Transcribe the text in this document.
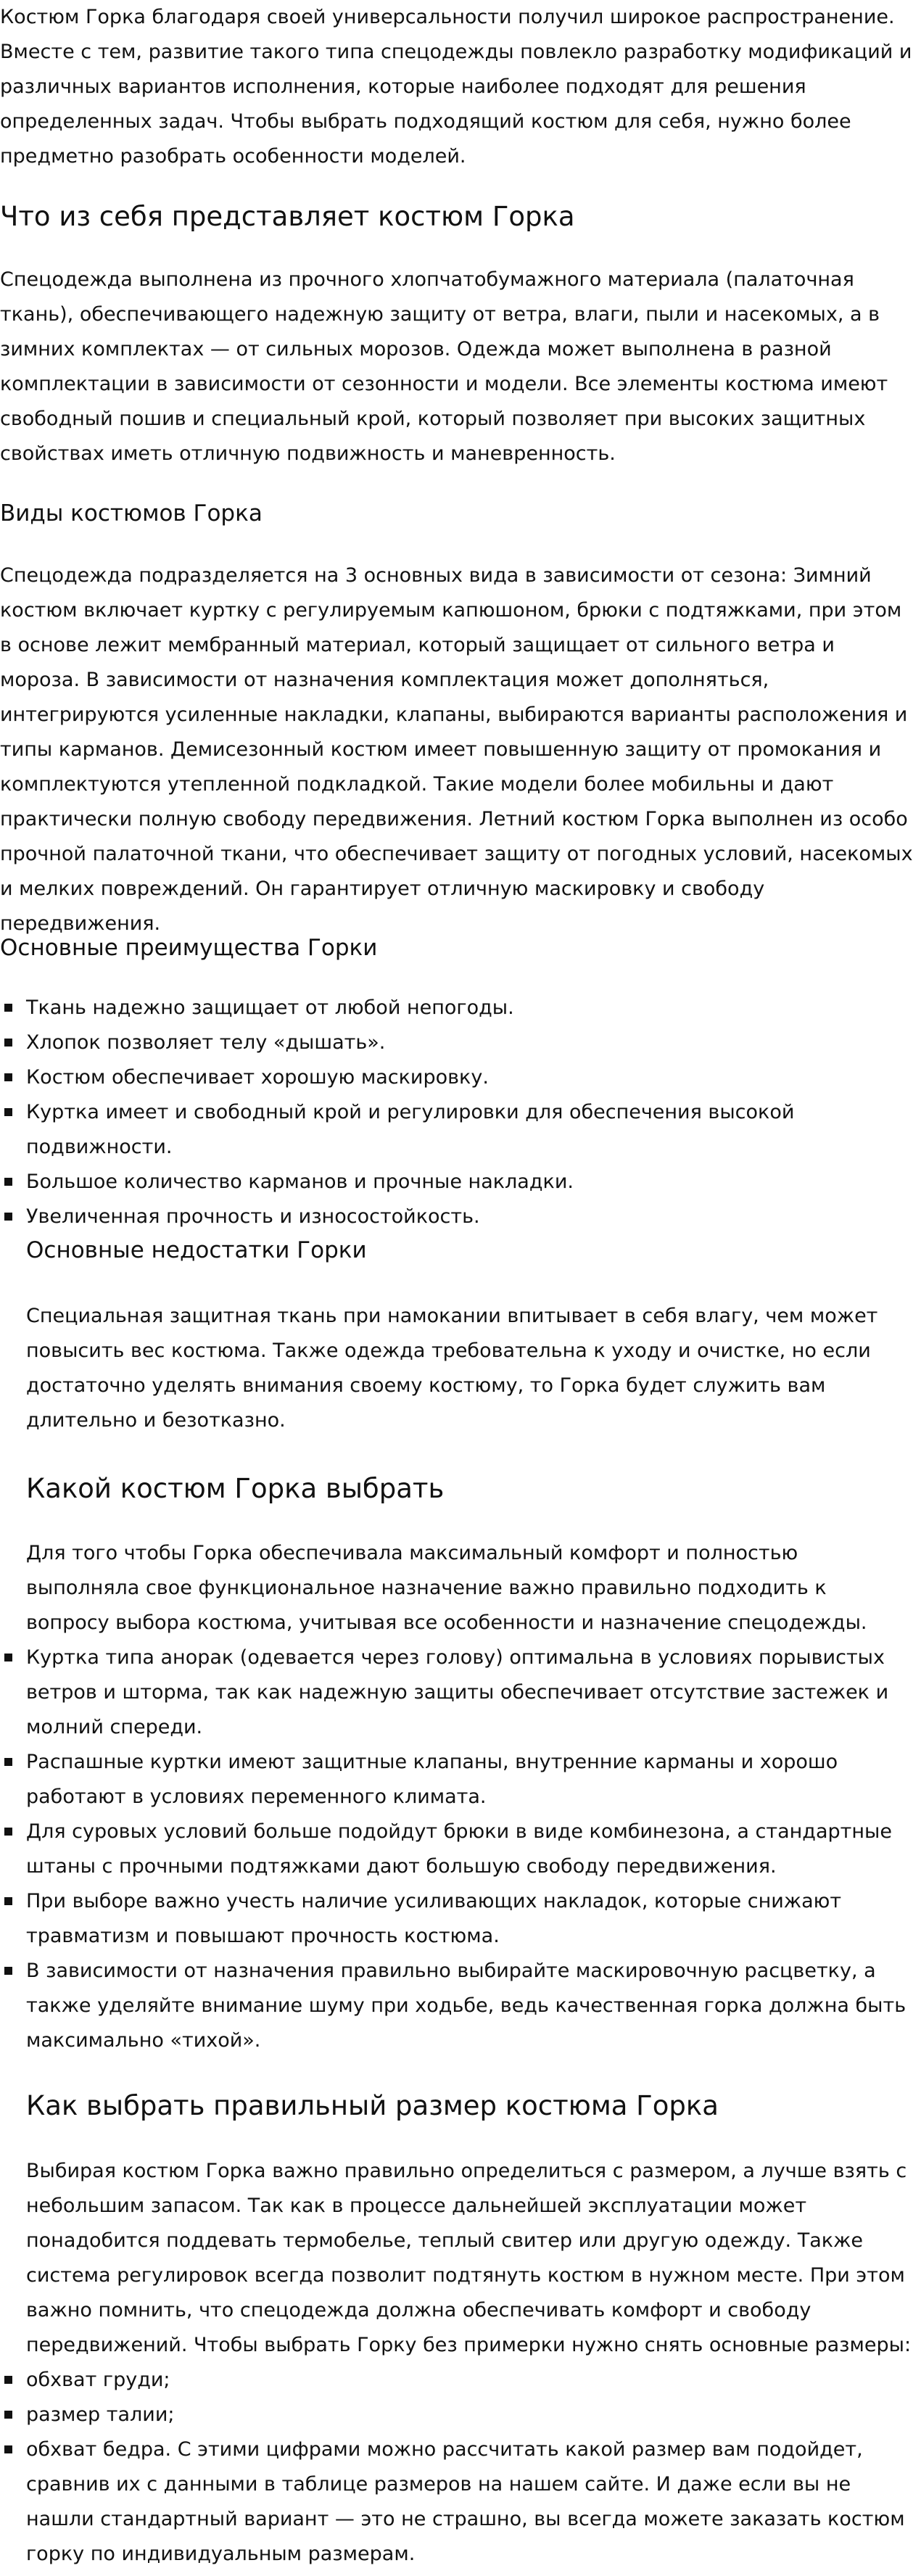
Костюм Горка благодаря своей универсальности получил широкое распространение. Вместе с тем, развитие такого типа спецодежды повлекло разработку модификаций и различных вариантов исполнения, которые наиболее подходят для решения определенных задач. Чтобы выбрать подходящий костюм для себя, нужно более предметно разобрать особенности моделей.

Что из себя представляет костюм Горка

Спецодежда выполнена из прочного хлопчатобумажного материала (палаточная ткань), обеспечивающего надежную защиту от ветра, влаги, пыли и насекомых, а в зимних комплектах — от сильных морозов. Одежда может выполнена в разной комплектации в зависимости от сезонности и модели. Все элементы костюма имеют свободный пошив и специальный крой, который позволяет при высоких защитных свойствах иметь отличную подвижность и маневренность.

Виды костюмов Горка

Спецодежда подразделяется на 3 основных вида в зависимости от сезона: Зимний костюм включает куртку с регулируемым капюшоном, брюки с подтяжками, при этом в основе лежит мембранный материал, который защищает от сильного ветра и мороза. В зависимости от назначения комплектация может дополняться, интегрируются усиленные накладки, клапаны, выбираются варианты расположения и типы карманов. Демисезонный костюм имеет повышенную защиту от промокания и комплектуются утепленной подкладкой. Такие модели более мобильны и дают практически полную свободу передвижения. Летний костюм Горка выполнен из особо прочной палаточной ткани, что обеспечивает защиту от погодных условий, насекомых и мелких повреждений. Он гарантирует отличную маскировку и свободу передвижения.

Основные преимущества Горки
Ткань надежно защищает от любой непогоды.
Хлопок позволяет телу «дышать».
Костюм обеспечивает хорошую маскировку.
Куртка имеет и свободный крой и регулировки для обеспечения высокой подвижности.
Большое количество карманов и прочные накладки.
Увеличенная прочность и износостойкость.
Основные недостатки Горки

Специальная защитная ткань при намокании впитывает в себя влагу, чем может повысить вес костюма. Также одежда требовательна к уходу и очистке, но если достаточно уделять внимания своему костюму, то Горка будет служить вам длительно и безотказно.

Какой костюм Горка выбрать

Для того чтобы Горка обеспечивала максимальный комфорт и полностью выполняла свое функциональное назначение важно правильно подходить к вопросу выбора костюма, учитывая все особенности и назначение спецодежды.

Куртка типа анорак (одевается через голову) оптимальна в условиях порывистых ветров и шторма, так как надежную защиты обеспечивает отсутствие застежек и молний спереди.
Распашные куртки имеют защитные клапаны, внутренние карманы и хорошо работают в условиях переменного климата.
Для суровых условий больше подойдут брюки в виде комбинезона, а стандартные штаны с прочными подтяжками дают большую свободу передвижения.
При выборе важно учесть наличие усиливающих накладок, которые снижают травматизм и повышают прочность костюма.
В зависимости от назначения правильно выбирайте маскировочную расцветку, а также уделяйте внимание шуму при ходьбе, ведь качественная горка должна быть максимально «тихой».
Как выбрать правильный размер костюма Горка

Выбирая костюм Горка важно правильно определиться с размером, а лучше взять с небольшим запасом. Так как в процессе дальнейшей эксплуатации может понадобится поддевать термобелье, теплый свитер или другую одежду. Также система регулировок всегда позволит подтянуть костюм в нужном месте. При этом важно помнить, что спецодежда должна обеспечивать комфорт и свободу передвижений. Чтобы выбрать Горку без примерки нужно снять основные размеры:

обхват груди;
размер талии;
обхват бедра. С этими цифрами можно рассчитать какой размер вам подойдет, сравнив их с данными в таблице размеров на нашем сайте. И даже если вы не нашли стандартный вариант — это не страшно, вы всегда можете заказать костюм горку по индивидуальным размерам.
